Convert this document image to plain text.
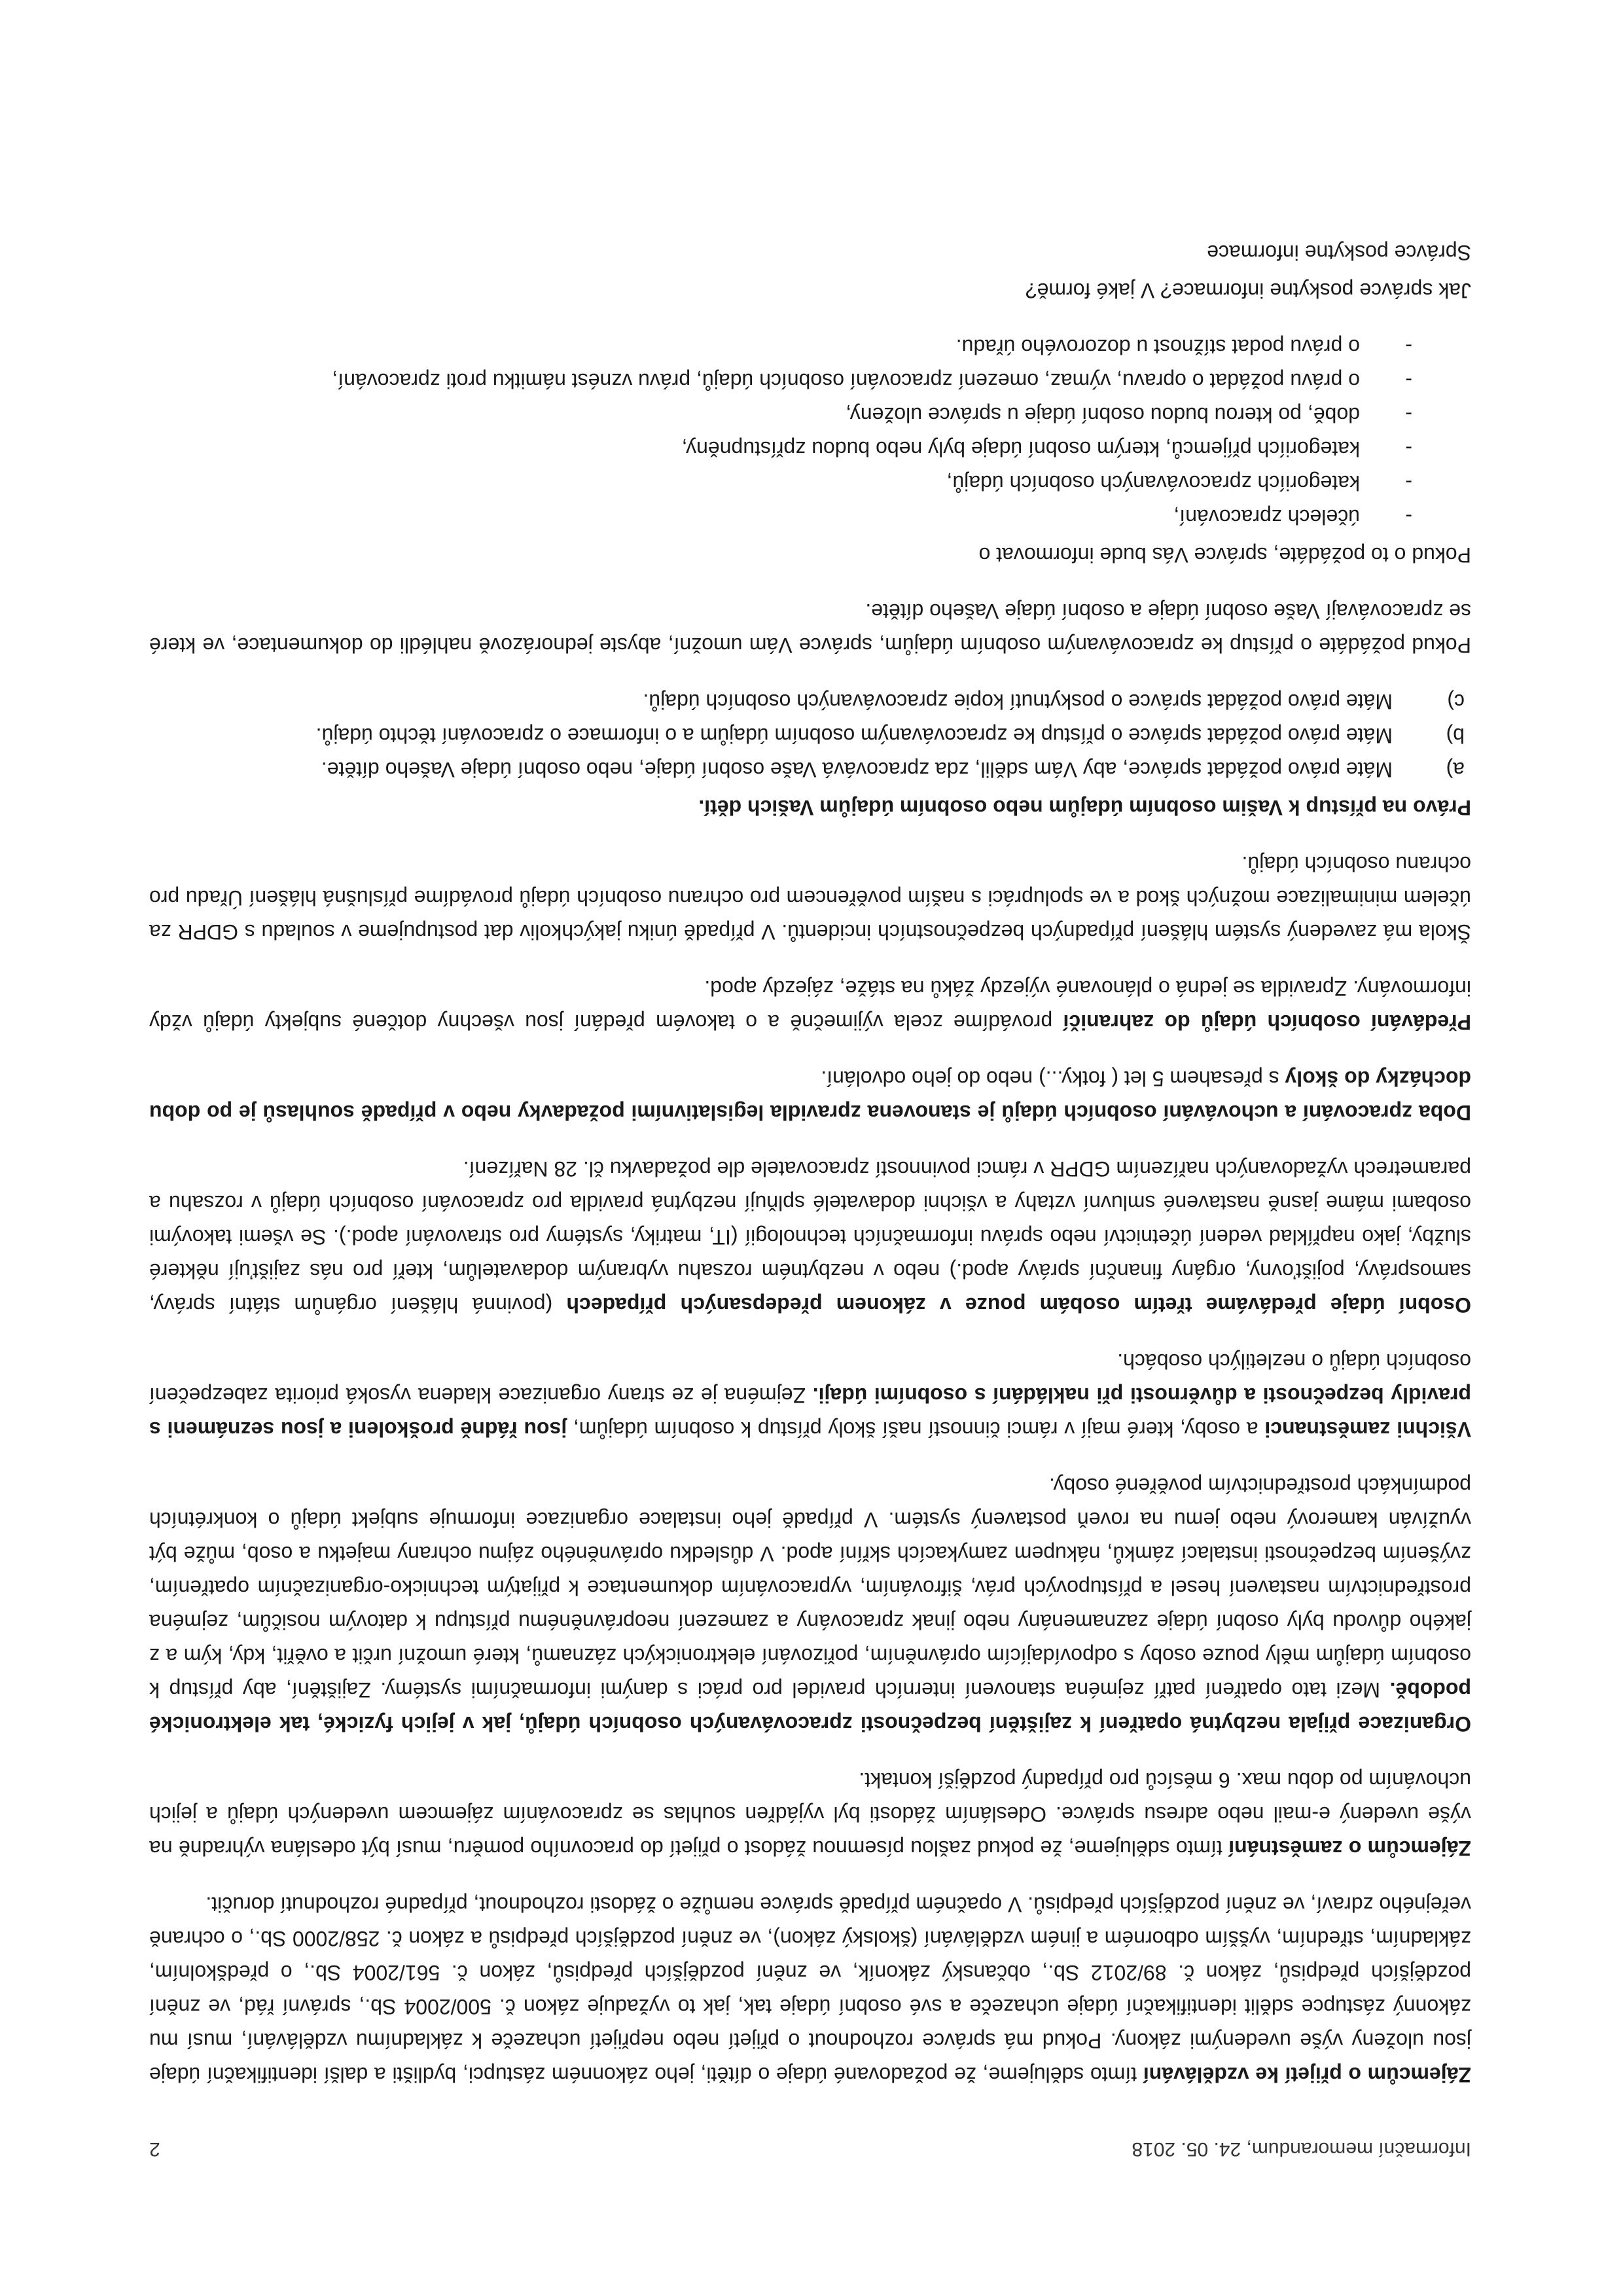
Informační memorandum, 24. 05. 2018
2

Zájemcům o přijetí ke vzdělávání tímto sdělujeme, že požadované údaje o dítěti, jeho zákonném zástupci, bydlišti a další identifikační údaje jsou uloženy výše uvedenými zákony. Pokud má správce rozhodnout o přijetí nebo nepřijetí uchazeče k základnímu vzdělávání, musí mu zákonný zástupce sdělit identifikační údaje uchazeče a své osobní údaje tak, jak to vyžaduje zákon č. 500/2004 Sb., správní řád, ve znění pozdějších předpisů, zákon č. 89/2012 Sb., občanský zákoník, ve znění pozdějších předpisů, zákon č. 561/2004 Sb., o předškolním, základním, středním, vyšším odborném a jiném vzdělávání (školský zákon), ve znění pozdějších předpisů a zákon č. 258/2000 Sb., o ochraně veřejného zdraví, ve znění pozdějších předpisů. V opačném případě správce nemůže o žádosti rozhodnout, případné rozhodnutí doručit.

Zájemcům o zaměstnání tímto sdělujeme, že pokud zašlou písemnou žádost o přijetí do pracovního poměru, musí být odeslána výhradně na výše uvedený e-mail nebo adresu správce. Odesláním žádosti byl vyjádřen souhlas se zpracováním zájemcem uvedených údajů a jejich uchováním po dobu max. 6 měsíců pro případný pozdější kontakt.

Organizace přijala nezbytná opatření k zajištění bezpečnosti zpracovávaných osobních údajů, jak v jejich fyzické, tak elektronické podobě. Mezi tato opatření patří zejména stanovení interních pravidel pro práci s danými informačními systémy. Zajištění, aby přístup k osobním údajům měly pouze osoby s odpovídajícím oprávněním, pořizování elektronických záznamů, které umožní určit a ověřit, kdy, kým a z jakého důvodu byly osobní údaje zaznamenány nebo jinak zpracovány a zamezení neoprávněnému přístupu k datovým nosičům, zejména prostřednictvím nastavení hesel a přístupových práv, šifrováním, vypracováním dokumentace k přijatým technicko-organizačním opatřením, zvýšením bezpečnosti instalací zámků, nákupem zamykacích skříní apod. V důsledku oprávněného zájmu ochrany majetku a osob, může být využíván kamerový nebo jemu na roveň postavený systém. V případě jeho instalace organizace informuje subjekt údajů o konkrétních podmínkách prostřednictvím pověřené osoby.

Všichni zaměstnanci a osoby, které mají v rámci činností naší školy přístup k osobním údajům, jsou řádně proškoleni a jsou seznámeni s pravidly bezpečnosti a důvěrnosti při nakládání s osobními údaji. Zejména je ze strany organizace kladena vysoká priorita zabezpečení osobních údajů o nezletilých osobách.

Osobní údaje předáváme třetím osobám pouze v zákonem předepsaných případech (povinná hlášení orgánům státní správy, samosprávy, pojišťovny, orgány finanční správy apod.) nebo v nezbytném rozsahu vybraným dodavatelům, kteří pro nás zajišťují některé služby, jako například vedení účetnictví nebo správu informačních technologií (IT, matriky, systémy pro stravování apod.). Se všemi takovými osobami máme jasně nastavené smluvní vztahy a všichni dodavatelé splňují nezbytná pravidla pro zpracování osobních údajů v rozsahu a parametrech vyžadovaných nařízením GDPR v rámci povinností zpracovatele dle požadavku čl. 28 Nařízení.

Doba zpracování a uchovávání osobních údajů je stanovena zpravidla legislativními požadavky nebo v případě souhlasů je po dobu docházky do školy s přesahem 5 let ( fotky...) nebo do jeho odvolání.

Předávání osobních údajů do zahraničí provádíme zcela výjimečně a o takovém předání jsou všechny dotčené subjekty údajů vždy informovány. Zpravidla se jedná o plánované výjezdy žáků na stáže, zájezdy apod.

Škola má zavedený systém hlášení případných bezpečnostních incidentů. V případě úniku jakýchkoliv dat postupujeme v souladu s GDPR za účelem minimalizace možných škod a ve spolupráci s naším pověřencem pro ochranu osobních údajů provádíme příslušná hlášení Úřadu pro ochranu osobních údajů.

Právo na přístup k Vašim osobním údajům nebo osobním údajům Vašich dětí.

a)
Máte právo požádat správce, aby Vám sdělil, zda zpracovává Vaše osobní údaje, nebo osobní údaje Vašeho dítěte.
b)
Máte právo požádat správce o přístup ke zpracovávaným osobním údajům a o informace o zpracování těchto údajů.
c)
Máte právo požádat správce o poskytnutí kopie zpracovávaných osobních údajů.

Pokud požádáte o přístup ke zpracovávaným osobním údajům, správce Vám umožní, abyste jednorázově nahlédli do dokumentace, ve které se zpracovávají Vaše osobní údaje a osobní údaje Vašeho dítěte.

Pokud o to požádáte, správce Vás bude informovat o

-
účelech zpracování,
-
kategoriích zpracovávaných osobních údajů,
-
kategoriích příjemců, kterým osobní údaje byly nebo budou zpřístupněny,
-
době, po kterou budou osobní údaje u správce uloženy,
-
o právu požádat o opravu, výmaz, omezení zpracování osobních údajů, právu vznést námitku proti zpracování,
-
o právu podat stížnost u dozorového úřadu.

Jak správce poskytne informace? V jaké formě?

Správce poskytne informace
